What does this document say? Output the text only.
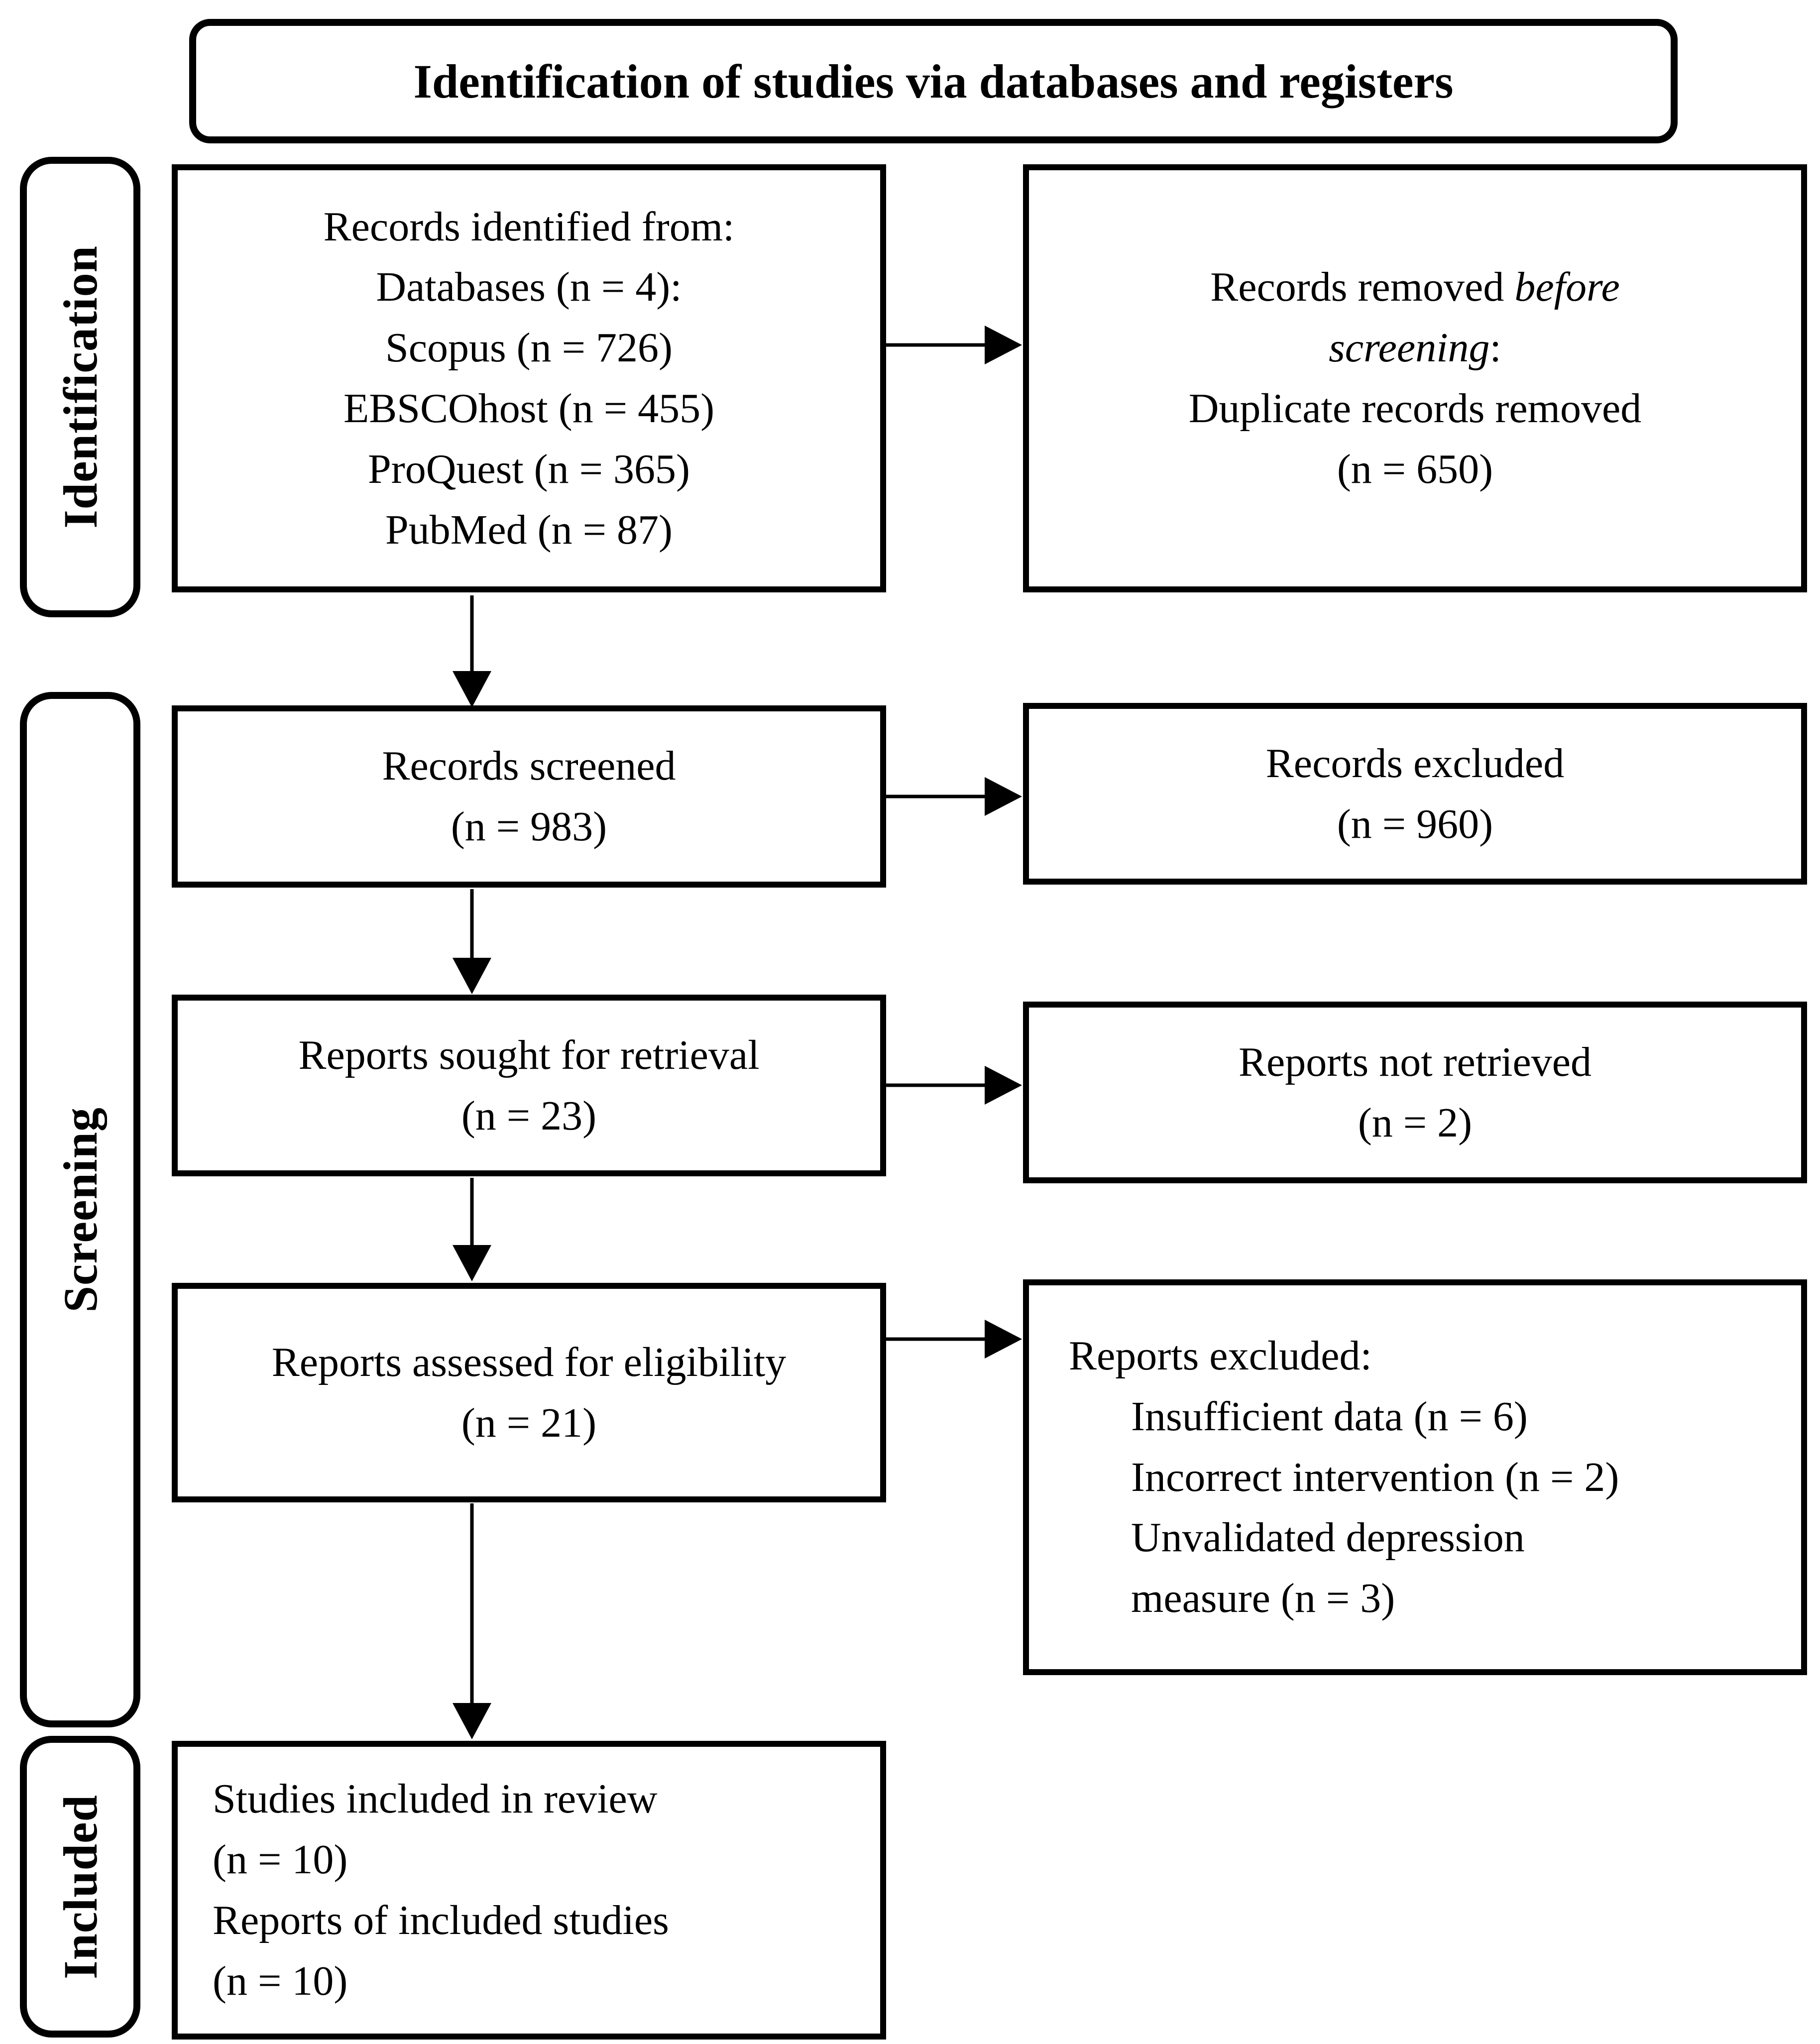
Identification of studies via databases and registers
Identification
Screening
Included
Records identified from:
Databases (n = 4):
Scopus (n = 726)
EBSCOhost (n = 455)
ProQuest (n = 365)
PubMed (n = 87)
Records screened
(n = 983)
Reports sought for retrieval
(n = 23)
Reports assessed for eligibility
(n = 21)
Studies included in review
(n = 10)
Reports of included studies
(n = 10)
Records removed before
screening:
Duplicate records removed
(n = 650)
Records excluded
(n = 960)
Reports not retrieved
(n = 2)
Reports excluded:
Insufficient data (n = 6)
Incorrect intervention (n = 2)
Unvalidated depression measure (n = 3)
